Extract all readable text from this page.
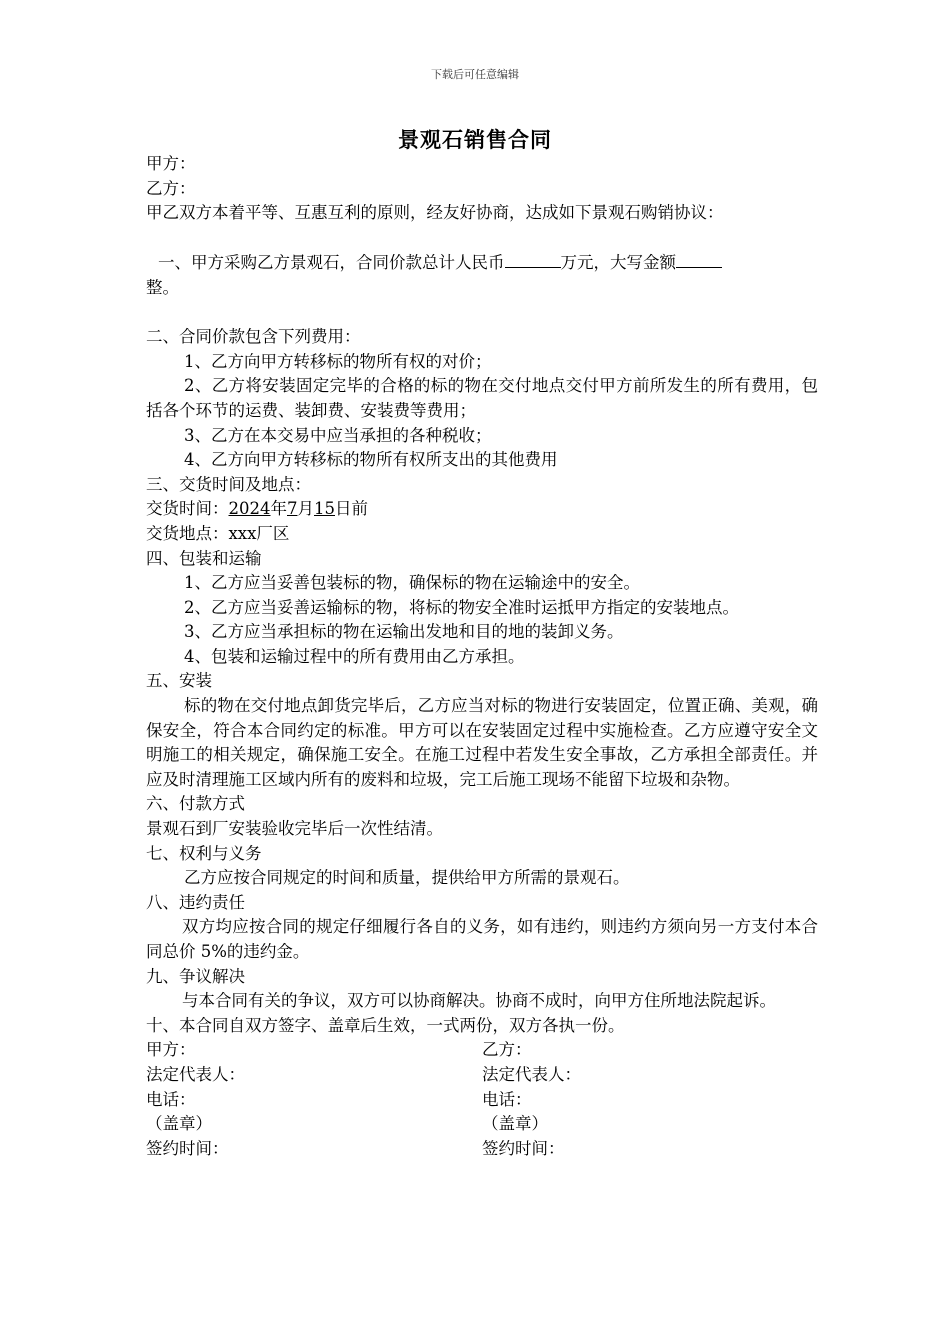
下载后可任意编辑
景观石销售合同

甲方：

乙方：

甲乙双方本着平等、互惠互利的原则，经友好协商，达成如下景观石购销协议：

一、甲方采购乙方景观石，合同价款总计人民币	万元，大写金额

整。

二、合同价款包含下列费用：

1、乙方向甲方转移标的物所有权的对价；

2、乙方将安装固定完毕的合格的标的物在交付地点交付甲方前所发生的所有费用，包括各个环节的运费、装卸费、安装费等费用；

3、乙方在本交易中应当承担的各种税收；

4、乙方向甲方转移标的物所有权所支出的其他费用

三、交货时间及地点：

交货时间：2024年7月15日前

交货地点：xxx厂区

四、包装和运输

1、乙方应当妥善包装标的物，确保标的物在运输途中的安全。

2、乙方应当妥善运输标的物，将标的物安全准时运抵甲方指定的安装地点。

3、乙方应当承担标的物在运输出发地和目的地的装卸义务。

4、包装和运输过程中的所有费用由乙方承担。

五、安装

标的物在交付地点卸货完毕后，乙方应当对标的物进行安装固定，位置正确、美观，确保安全，符合本合同约定的标准。甲方可以在安装固定过程中实施检查。乙方应遵守安全文明施工的相关规定，确保施工安全。在施工过程中若发生安全事故，乙方承担全部责任。并应及时清理施工区域内所有的废料和垃圾，完工后施工现场不能留下垃圾和杂物。

六、付款方式

景观石到厂安装验收完毕后一次性结清。

七、权利与义务

乙方应按合同规定的时间和质量，提供给甲方所需的景观石。

八、违约责任

双方均应按合同的规定仔细履行各自的义务，如有违约，则违约方须向另一方支付本合同总价 5%的违约金。

九、争议解决

与本合同有关的争议，双方可以协商解决。协商不成时，向甲方住所地法院起诉。

十、本合同自双方签字、盖章后生效，一式两份，双方各执一份。

甲方：

法定代表人：

电话：

（盖章）

签约时间：

乙方：

法定代表人：

电话：

（盖章）

签约时间：
